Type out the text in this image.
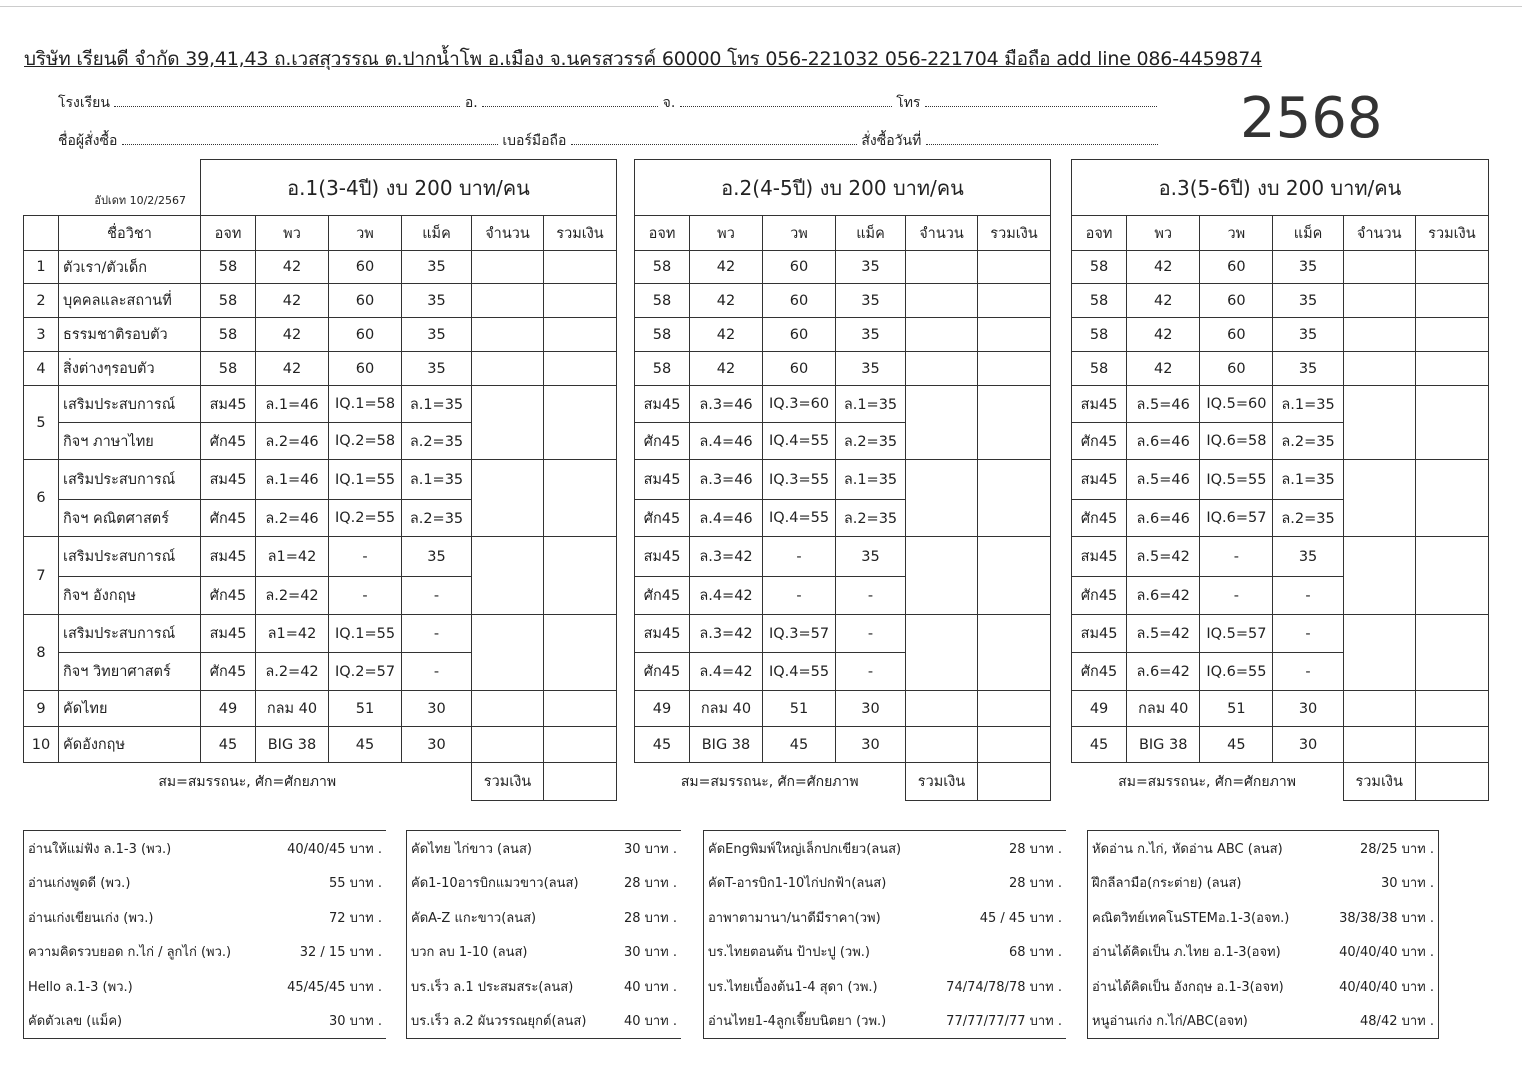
บริษัท เรียนดี จำกัด 39,41,43 ถ.เวสสุวรรณ ต.ปากน้ำโพ อ.เมือง จ.นครสวรรค์ 60000 โทร 056-221032 056-221704 มือถือ add line 086-4459874
โรงเรียน	อ.	จ.	โทร
ชื่อผู้สั่งซื้อ	เบอร์มือถือ	สั่งซื้อวันที่	2568
อัปเดท 10/2/2567		อ.1(3-4ปี) งบ 200 บาท/คน					
	ชื่อวิชา	อจท	พว	วพ	แม็ค	จำนวน	รวมเงิน
1	ตัวเรา/ตัวเด็ก	58	42	60	35		
2	บุคคลและสถานที่	58	42	60	35		
3	ธรรมชาติรอบตัว	58	42	60	35		
4	สิ่งต่างๆรอบตัว	58	42	60	35		
5	เสริมประสบการณ์	สม45	ล.1=46	IQ.1=58	ล.1=35		
	กิจฯ ภาษาไทย	ศัก45	ล.2=46	IQ.2=58	ล.2=35		
6	เสริมประสบการณ์	สม45	ล.1=46	IQ.1=55	ล.1=35		
	กิจฯ คณิตศาสตร์	ศัก45	ล.2=46	IQ.2=55	ล.2=35		
7	เสริมประสบการณ์	สม45	ล1=42	-	35		
	กิจฯ อังกฤษ	ศัก45	ล.2=42	-	-		
8	เสริมประสบการณ์	สม45	ล1=42	IQ.1=55	-		
	กิจฯ วิทยาศาสตร์	ศัก45	ล.2=42	IQ.2=57	-		
9	คัดไทย	49	กลม 40	51	30		
10	คัดอังกฤษ	45	BIG 38	45	30		
สม=สมรรถนะ, ศัก=ศักยภาพ						รวมเงิน	
อ.2(4-5ปี) งบ 200 บาท/คน					
อจท	พว	วพ	แม็ค	จำนวน	รวมเงิน
58	42	60	35		
58	42	60	35		
58	42	60	35		
58	42	60	35		
สม45	ล.3=46	IQ.3=60	ล.1=35		
ศัก45	ล.4=46	IQ.4=55	ล.2=35		
สม45	ล.3=46	IQ.3=55	ล.1=35		
ศัก45	ล.4=46	IQ.4=55	ล.2=35		
สม45	ล.3=42	-	35		
ศัก45	ล.4=42	-	-		
สม45	ล.3=42	IQ.3=57	-		
ศัก45	ล.4=42	IQ.4=55	-		
49	กลม 40	51	30		
45	BIG 38	45	30		
สม=สมรรถนะ, ศัก=ศักยภาพ				รวมเงิน	
อ.3(5-6ปี) งบ 200 บาท/คน					
อจท	พว	วพ	แม็ค	จำนวน	รวมเงิน
58	42	60	35		
58	42	60	35		
58	42	60	35		
58	42	60	35		
สม45	ล.5=46	IQ.5=60	ล.1=35		
ศัก45	ล.6=46	IQ.6=58	ล.2=35		
สม45	ล.5=46	IQ.5=55	ล.1=35		
ศัก45	ล.6=46	IQ.6=57	ล.2=35		
สม45	ล.5=42	-	35		
ศัก45	ล.6=42	-	-		
สม45	ล.5=42	IQ.5=57	-		
ศัก45	ล.6=42	IQ.6=55	-		
49	กลม 40	51	30		
45	BIG 38	45	30		
สม=สมรรถนะ, ศัก=ศักยภาพ				รวมเงิน	
อ่านให้แม่ฟัง ล.1-3 (พว.)	40/40/45 บาท .
อ่านเก่งพูดดี (พว.)	55 บาท .
อ่านเก่งเขียนเก่ง (พว.)	72 บาท .
ความคิดรวบยอด ก.ไก่ / ลูกไก่ (พว.)	32 / 15 บาท .
Hello ล.1-3 (พว.)	45/45/45 บาท .
คัดตัวเลข (แม็ค)	30 บาท .
คัดไทย ไก่ขาว (ลนส)	30 บาท .
คัด1-10อารบิกแมวขาว(ลนส)	28 บาท .
คัดA-Z แกะขาว(ลนส)	28 บาท .
บวก ลบ 1-10 (ลนส)	30 บาท .
บร.เร็ว ล.1 ประสมสระ(ลนส)	40 บาท .
บร.เร็ว ล.2 ผันวรรณยุกต์(ลนส)	40 บาท .
คัดEngพิมพ์ใหญ่เล็กปกเขียว(ลนส)	28 บาท .
คัดT-อารบิก1-10ไก่ปกฟ้า(ลนส)	28 บาท .
อาพาตามานา/นาดีมีราคา(วพ)	45 / 45 บาท .
บร.ไทยตอนต้น ป้าปะปู (วพ.)	68 บาท .
บร.ไทยเบื้องต้น1-4 สุดา (วพ.)	74/74/78/78 บาท .
อ่านไทย1-4ลูกเจี๊ยบนิตยา (วพ.)	77/77/77/77 บาท .
หัดอ่าน ก.ไก่, หัดอ่าน ABC (ลนส)	28/25 บาท .
ฝึกลีลามือ(กระต่าย) (ลนส)	30 บาท .
คณิตวิทย์เทคโนSTEMอ.1-3(อจท.)	38/38/38 บาท .
อ่านได้คิดเป็น ภ.ไทย อ.1-3(อจท)	40/40/40 บาท .
อ่านได้คิดเป็น อังกฤษ อ.1-3(อจท)	40/40/40 บาท .
หนูอ่านเก่ง ก.ไก่/ABC(อจท)	48/42 บาท .
